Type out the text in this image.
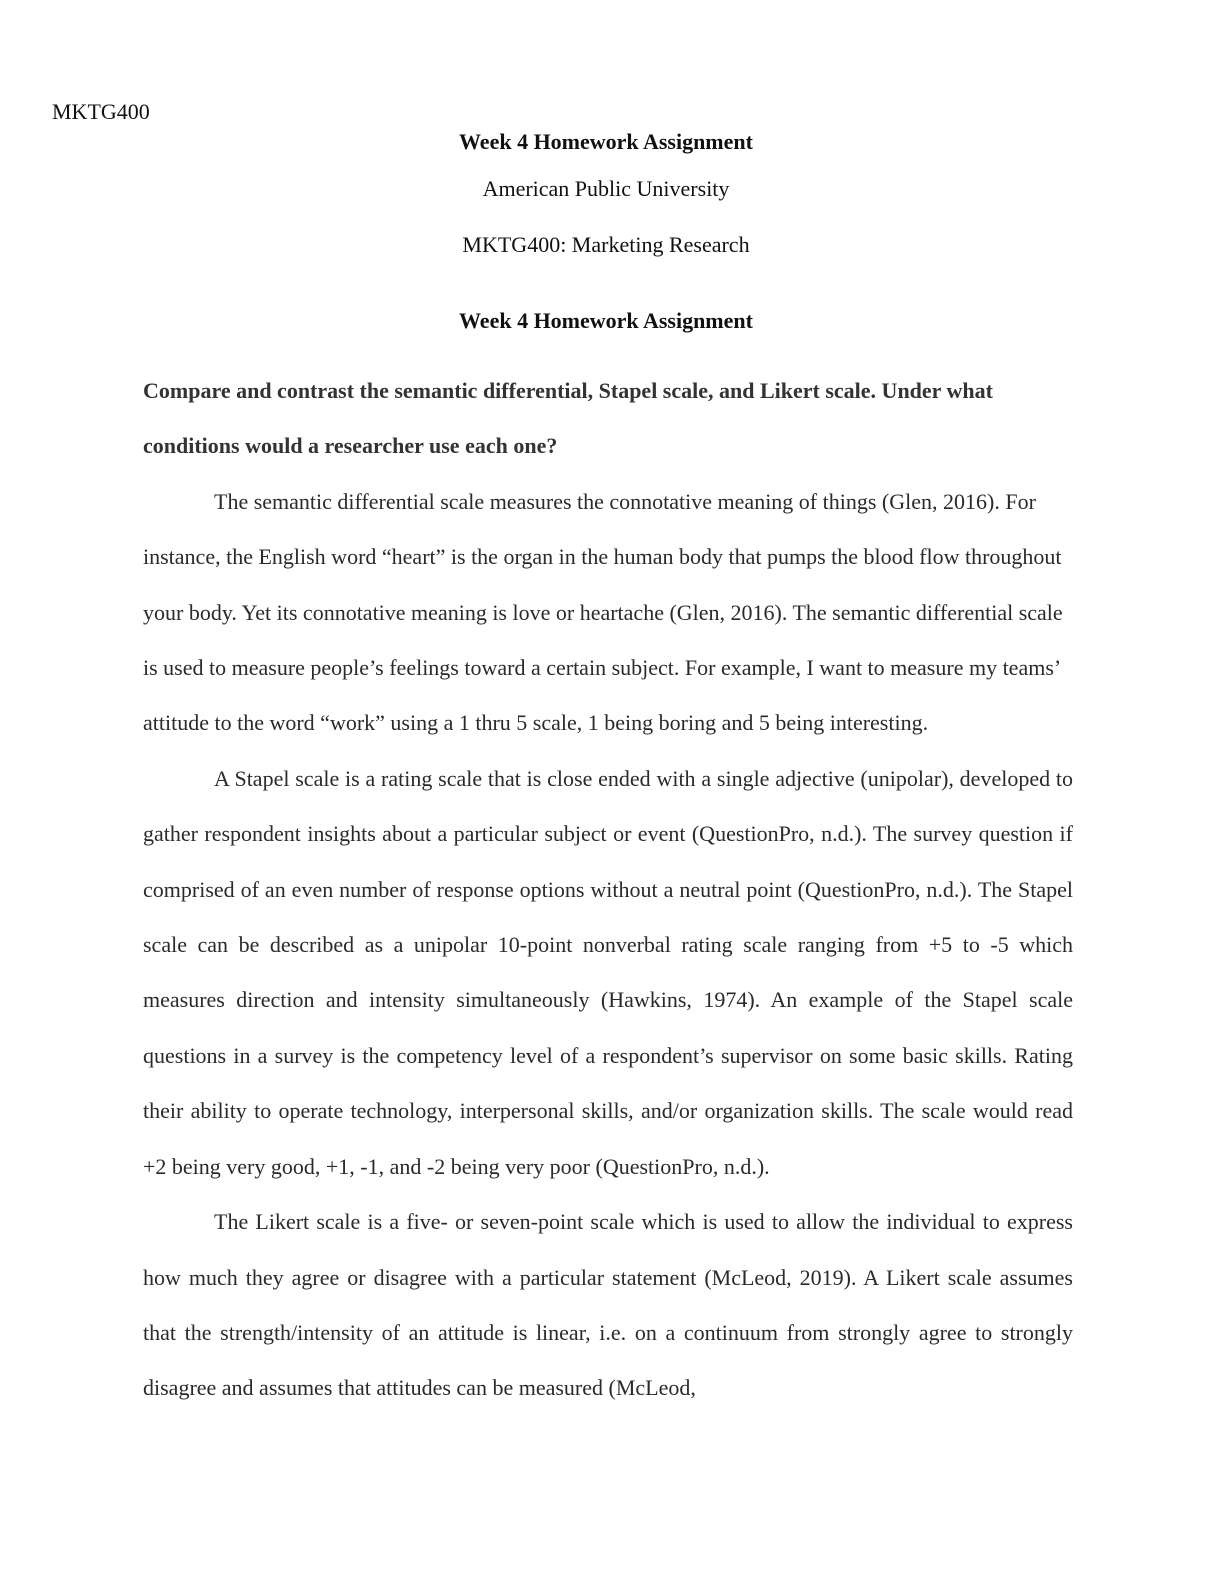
MKTG400
Week 4 Homework Assignment
American Public University
MKTG400: Marketing Research
Week 4 Homework Assignment

Compare and contrast the semantic differential, Stapel scale, and Likert scale. Under what conditions would a researcher use each one?

The semantic differential scale measures the connotative meaning of things (Glen, 2016). For instance, the English word “heart” is the organ in the human body that pumps the blood flow throughout your body. Yet its connotative meaning is love or heartache (Glen, 2016). The semantic differential scale is used to measure people’s feelings toward a certain subject. For example, I want to measure my teams’ attitude to the word “work” using a 1 thru 5 scale, 1 being boring and 5 being interesting.

A Stapel scale is a rating scale that is close ended with a single adjective (unipolar), developed to gather respondent insights about a particular subject or event (QuestionPro, n.d.). The survey question if comprised of an even number of response options without a neutral point (QuestionPro, n.d.). The Stapel scale can be described as a unipolar 10-point nonverbal rating scale ranging from +5 to -5 which measures direction and intensity simultaneously (Hawkins, 1974). An example of the Stapel scale questions in a survey is the competency level of a respondent’s supervisor on some basic skills. Rating their ability to operate technology, interpersonal skills, and/or organization skills. The scale would read +2 being very good, +1, -1, and -2 being very poor (QuestionPro, n.d.).

The Likert scale is a five- or seven-point scale which is used to allow the individual to express how much they agree or disagree with a particular statement (McLeod, 2019). A Likert scale assumes that the strength/intensity of an attitude is linear, i.e. on a continuum from strongly agree to strongly disagree and assumes that attitudes can be measured (McLeod,
